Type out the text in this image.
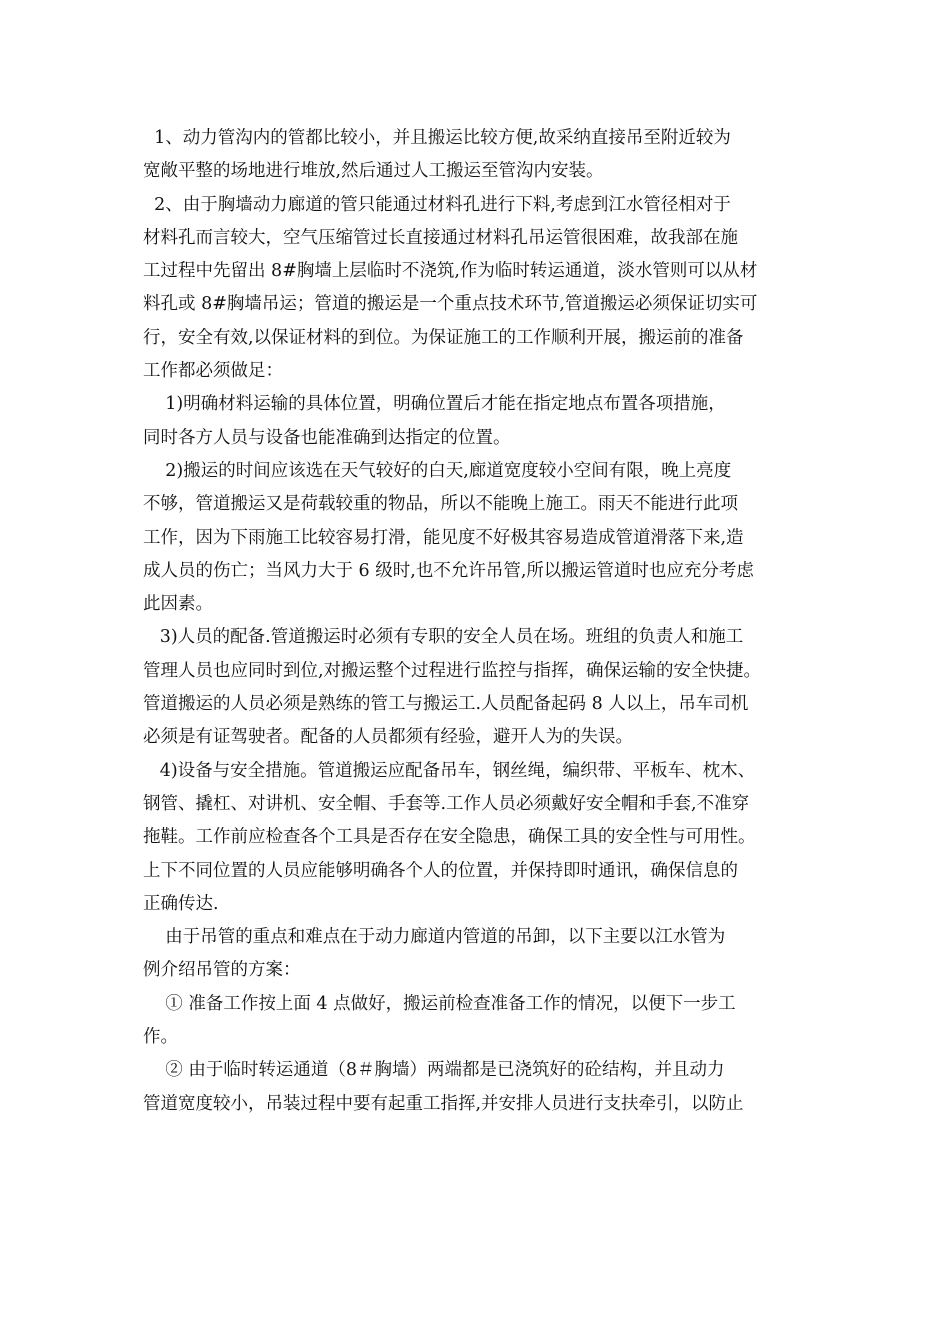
1、动力管沟内的管都比较小，并且搬运比较方便,故采纳直接吊至附近较为
宽敞平整的场地进行堆放,然后通过人工搬运至管沟内安装。
2、由于胸墙动力廊道的管只能通过材料孔进行下料,考虑到江水管径相对于
材料孔而言较大，空气压缩管过长直接通过材料孔吊运管很困难，故我部在施
工过程中先留出 8#胸墙上层临时不浇筑,作为临时转运通道，淡水管则可以从材
料孔或 8#胸墙吊运；管道的搬运是一个重点技术环节,管道搬运必须保证切实可
行，安全有效,以保证材料的到位。为保证施工的工作顺利开展，搬运前的准备
工作都必须做足：
1)明确材料运输的具体位置，明确位置后才能在指定地点布置各项措施，
同时各方人员与设备也能准确到达指定的位置。
2)搬运的时间应该选在天气较好的白天,廊道宽度较小空间有限，晚上亮度
不够，管道搬运又是荷载较重的物品，所以不能晚上施工。雨天不能进行此项
工作，因为下雨施工比较容易打滑，能见度不好极其容易造成管道滑落下来,造
成人员的伤亡；当风力大于 6 级时,也不允许吊管,所以搬运管道时也应充分考虑
此因素。
3)人员的配备.管道搬运时必须有专职的安全人员在场。班组的负责人和施工
管理人员也应同时到位,对搬运整个过程进行监控与指挥，确保运输的安全快捷。
管道搬运的人员必须是熟练的管工与搬运工.人员配备起码 8 人以上，吊车司机
必须是有证驾驶者。配备的人员都须有经验，避开人为的失误。
4)设备与安全措施。管道搬运应配备吊车，钢丝绳，编织带、平板车、枕木、
钢管、撬杠、对讲机、安全帽、手套等.工作人员必须戴好安全帽和手套,不准穿
拖鞋。工作前应检查各个工具是否存在安全隐患，确保工具的安全性与可用性。
上下不同位置的人员应能够明确各个人的位置，并保持即时通讯，确保信息的
正确传达.
由于吊管的重点和难点在于动力廊道内管道的吊卸，以下主要以江水管为
例介绍吊管的方案：
① 准备工作按上面 4 点做好，搬运前检查准备工作的情况，以便下一步工
作。
② 由于临时转运通道（8＃胸墙）两端都是已浇筑好的砼结构，并且动力
管道宽度较小，吊装过程中要有起重工指挥,并安排人员进行支扶牵引，以防止
